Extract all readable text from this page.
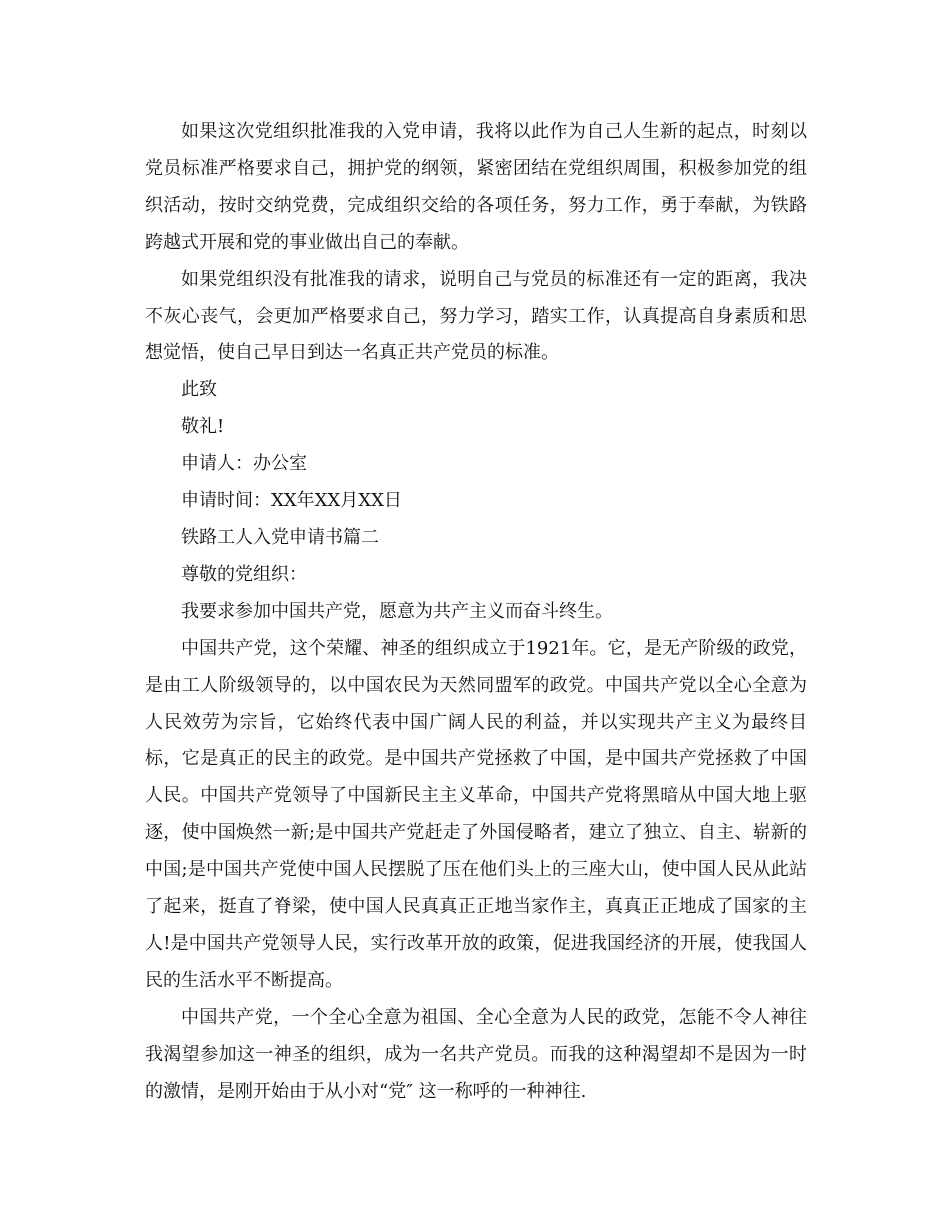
如果这次党组织批准我的入党申请，我将以此作为自己人生新的起点，时刻以党员标准严格要求自己，拥护党的纲领，紧密团结在党组织周围，积极参加党的组织活动，按时交纳党费，完成组织交给的各项任务，努力工作，勇于奉献，为铁路跨越式开展和党的事业做出自己的奉献。

如果党组织没有批准我的请求，说明自己与党员的标准还有一定的距离，我决不灰心丧气，会更加严格要求自己，努力学习，踏实工作，认真提高自身素质和思想觉悟，使自己早日到达一名真正共产党员的标准。

此致

敬礼!

申请人：办公室

申请时间：XX年XX月XX日

铁路工人入党申请书篇二

尊敬的党组织：

我要求参加中国共产党，愿意为共产主义而奋斗终生。

中国共产党，这个荣耀、神圣的组织成立于1921年。它，是无产阶级的政党，是由工人阶级领导的，以中国农民为天然同盟军的政党。中国共产党以全心全意为人民效劳为宗旨，它始终代表中国广阔人民的利益，并以实现共产主义为最终目标，它是真正的民主的政党。是中国共产党拯救了中国，是中国共产党拯救了中国人民。中国共产党领导了中国新民主主义革命，中国共产党将黑暗从中国大地上驱逐，使中国焕然一新;是中国共产党赶走了外国侵略者，建立了独立、自主、崭新的中国;是中国共产党使中国人民摆脱了压在他们头上的三座大山，使中国人民从此站了起来，挺直了脊梁，使中国人民真真正正地当家作主，真真正正地成了国家的主人!是中国共产党领导人民，实行改革开放的政策，促进我国经济的开展，使我国人民的生活水平不断提高。

中国共产党，一个全心全意为祖国、全心全意为人民的政党，怎能不令人神往我渴望参加这一神圣的组织，成为一名共产党员。而我的这种渴望却不是因为一时的激情，是刚开始由于从小对“党″ 这一称呼的一种神往.
